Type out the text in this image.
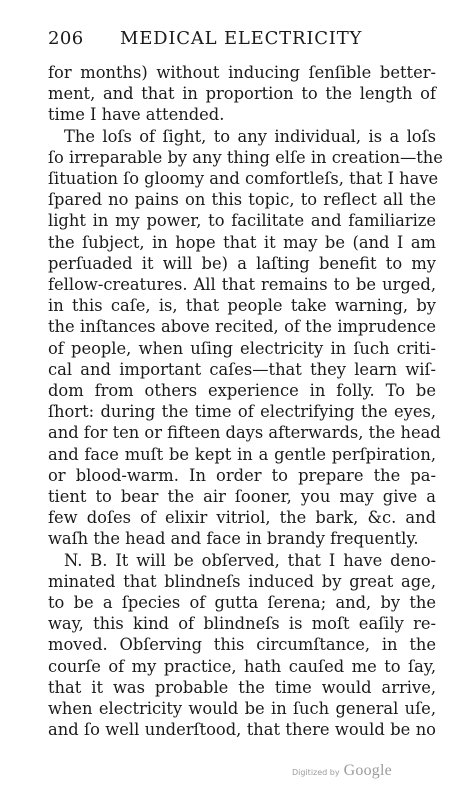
206 MEDICAL ELECTRICITY
for months) without inducing ſenſible better-
ment, and that in proportion to the length of
time I have attended.
The loſs of ſight, to any individual, is a loſs
ſo irreparable by any thing elſe in creation—the
ſituation ſo gloomy and comfortleſs, that I have
ſpared no pains on this topic, to reflect all the
light in my power, to facilitate and familiarize
the ſubject, in hope that it may be (and I am
perſuaded it will be) a laſting benefit to my
fellow-creatures. All that remains to be urged,
in this caſe, is, that people take warning, by
the inſtances above recited, of the imprudence
of people, when uſing electricity in ſuch criti-
cal and important caſes—that they learn wiſ-
dom from others experience in folly. To be
ſhort: during the time of electrifying the eyes,
and for ten or fifteen days afterwards, the head
and face muſt be kept in a gentle perſpiration,
or blood-warm. In order to prepare the pa-
tient to bear the air ſooner, you may give a
few doſes of elixir vitriol, the bark, &c. and
waſh the head and face in brandy frequently.
N. B. It will be obſerved, that I have deno-
minated that blindneſs induced by great age,
to be a ſpecies of gutta ſerena; and, by the
way, this kind of blindneſs is moſt eaſily re-
moved. Obſerving this circumſtance, in the
courſe of my practice, hath cauſed me to ſay,
that it was probable the time would arrive,
when electricity would be in ſuch general uſe,
and ſo well underſtood, that there would be no
Digitized by Google
